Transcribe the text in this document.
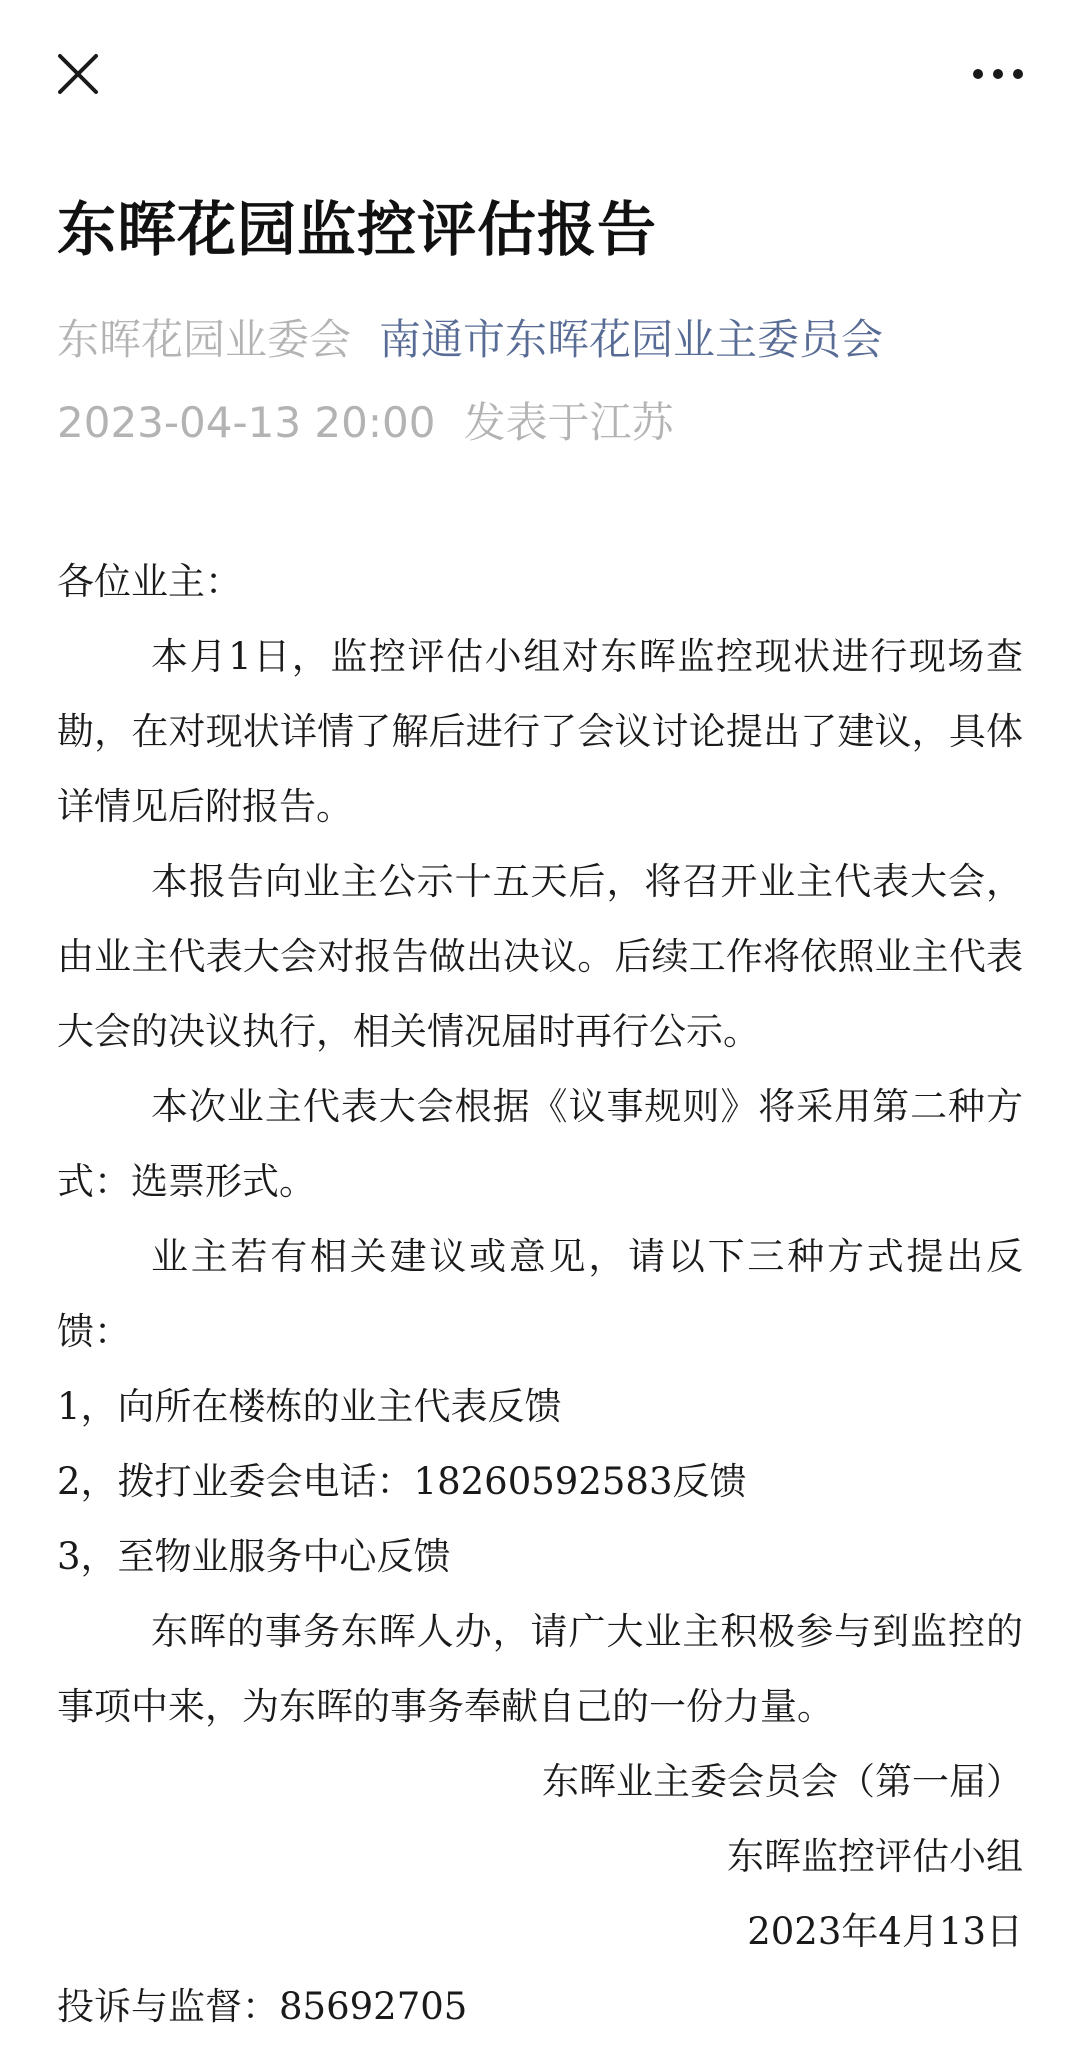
东晖花园监控评估报告
东晖花园业委会 南通市东晖花园业主委员会
2023-04-13 20:00 发表于江苏

各位业主：

本月1日，监控评估小组对东晖监控现状进行现场查勘，在对现状详情了解后进行了会议讨论提出了建议，具体详情见后附报告。

本报告向业主公示十五天后，将召开业主代表大会，由业主代表大会对报告做出决议。后续工作将依照业主代表大会的决议执行，相关情况届时再行公示。

本次业主代表大会根据《议事规则》将采用第二种方式：选票形式。

业主若有相关建议或意见，请以下三种方式提出反馈：

1，向所在楼栋的业主代表反馈

2，拨打业委会电话：18260592583反馈

3，至物业服务中心反馈

东晖的事务东晖人办，请广大业主积极参与到监控的事项中来，为东晖的事务奉献自己的一份力量。

东晖业主委会员会（第一届）

东晖监控评估小组

2023年4月13日

投诉与监督：85692705
